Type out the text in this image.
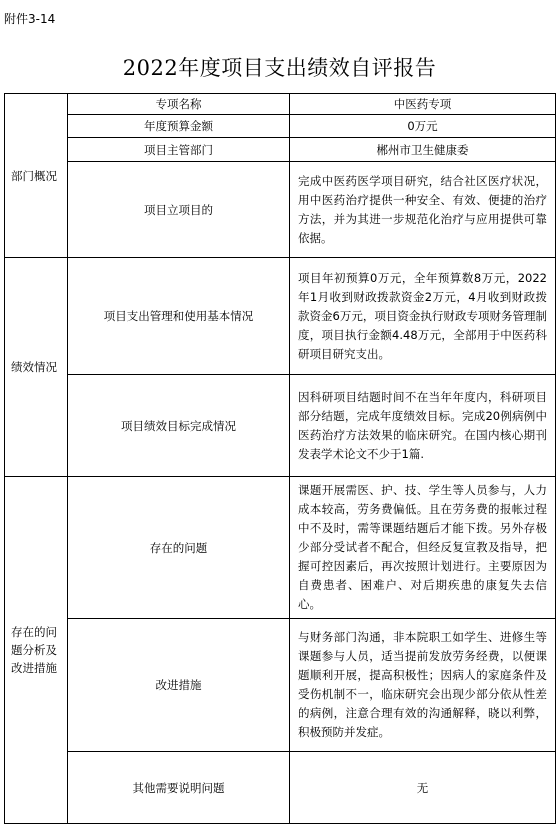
附件3-14
2022年度项目支出绩效自评报告
部门概况	专项名称	中医药专项
	年度预算金额	0万元
	项目主管部门	郴州市卫生健康委
	项目立项目的	完成中医药医学项目研究，结合社区医疗状况，用中医药治疗提供一种安全、有效、便捷的治疗方法，并为其进一步规范化治疗与应用提供可靠依据。
绩效情况	项目支出管理和使用基本情况	项目年初预算0万元，全年预算数8万元，2022年1月收到财政拨款资金2万元，4月收到财政拨款资金6万元，项目资金执行财政专项财务管理制度，项目执行金额4.48万元，全部用于中医药科研项目研究支出。
	项目绩效目标完成情况	因科研项目结题时间不在当年年度内，科研项目部分结题，完成年度绩效目标。完成20例病例中医药治疗方法效果的临床研究。在国内核心期刊发表学术论文不少于1篇.
存在的问题分析及改进措施	存在的问题	课题开展需医、护、技、学生等人员参与，人力成本较高，劳务费偏低。且在劳务费的报帐过程中不及时，需等课题结题后才能下拨。另外存极少部分受试者不配合，但经反复宣教及指导，把握可控因素后，再次按照计划进行。主要原因为自费患者、困难户、对后期疾患的康复失去信心。
	改进措施	与财务部门沟通，非本院职工如学生、进修生等课题参与人员，适当提前发放劳务经费，以便课题顺利开展，提高积极性；因病人的家庭条件及受伤机制不一，临床研究会出现少部分依从性差的病例，注意合理有效的沟通解释，晓以利弊，积极预防并发症。
	其他需要说明问题	无
